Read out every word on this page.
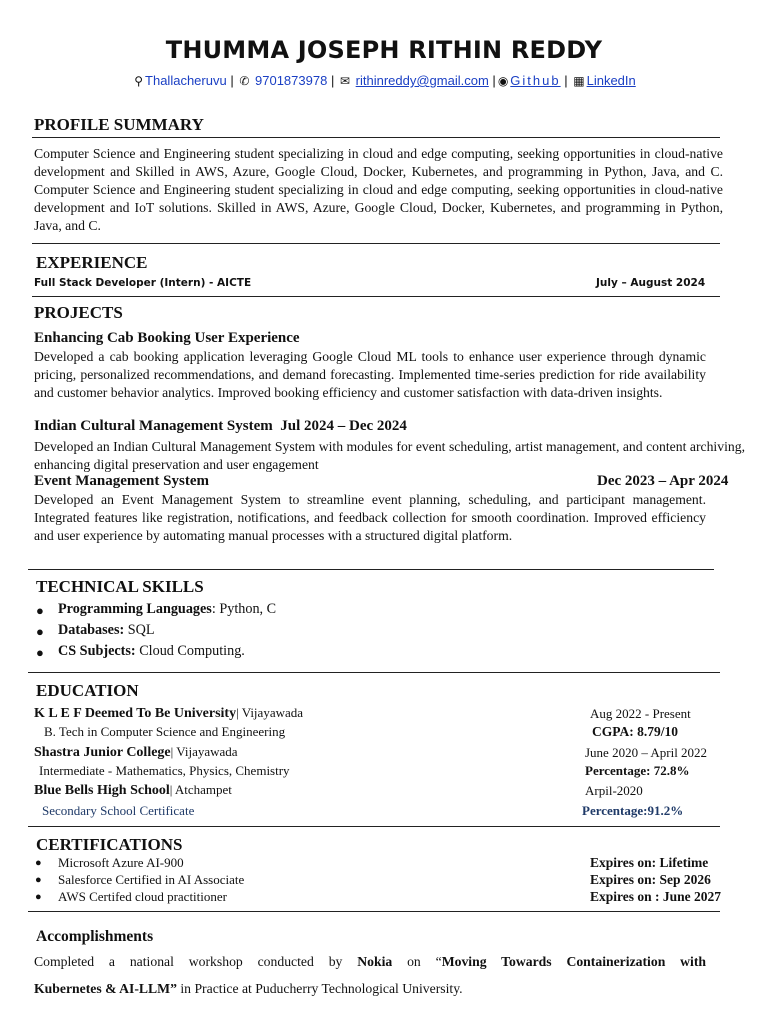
THUMMA JOSEPH RITHIN REDDY
⚲ Thallacheruvu | ✆ 9701873978 | ✉ rithinreddy@gmail.com | ◉ Github | ▦ LinkedIn
PROFILE SUMMARY
Computer Science and Engineering student specializing in cloud and edge computing, seeking opportunities in cloud-native development and Skilled in AWS, Azure, Google Cloud, Docker, Kubernetes, and programming in Python, Java, and C. Computer Science and Engineering student specializing in cloud and edge computing, seeking opportunities in cloud-native development and IoT solutions. Skilled in AWS, Azure, Google Cloud, Docker, Kubernetes, and programming in Python, Java, and C.
EXPERIENCE
Full Stack Developer (Intern) - AICTE	July – August 2024
PROJECTS
Enhancing Cab Booking User Experience
Developed a cab booking application leveraging Google Cloud ML tools to enhance user experience through dynamic pricing, personalized recommendations, and demand forecasting. Implemented time-series prediction for ride availability and customer behavior analytics. Improved booking efficiency and customer satisfaction with data-driven insights.
Indian Cultural Management System Jul 2024 – Dec 2024
Developed an Indian Cultural Management System with modules for event scheduling, artist management, and content archiving, enhancing digital preservation and user engagement
Event Management System	Dec 2023 – Apr 2024
Developed an Event Management System to streamline event planning, scheduling, and participant management. Integrated features like registration, notifications, and feedback collection for smooth coordination. Improved efficiency and user experience by automating manual processes with a structured digital platform.
TECHNICAL SKILLS
● Programming Languages: Python, C
● Databases: SQL
● CS Subjects: Cloud Computing.
EDUCATION
K L E F Deemed To Be University| Vijayawada	Aug 2022 - Present
B. Tech in Computer Science and Engineering	CGPA: 8.79/10
Shastra Junior College| Vijayawada	June 2020 – April 2022
Intermediate - Mathematics, Physics, Chemistry	Percentage: 72.8%
Blue Bells High School| Atchampet	Arpil-2020
Secondary School Certificate	Percentage:91.2%
CERTIFICATIONS
● Microsoft Azure AI-900	Expires on: Lifetime
● Salesforce Certified in AI Associate	Expires on: Sep 2026
● AWS Certifed cloud practitioner	Expires on : June 2027
Accomplishments
Completed a national workshop conducted by Nokia on “Moving Towards Containerization with
Kubernetes & AI-LLM” in Practice at Puducherry Technological University.
